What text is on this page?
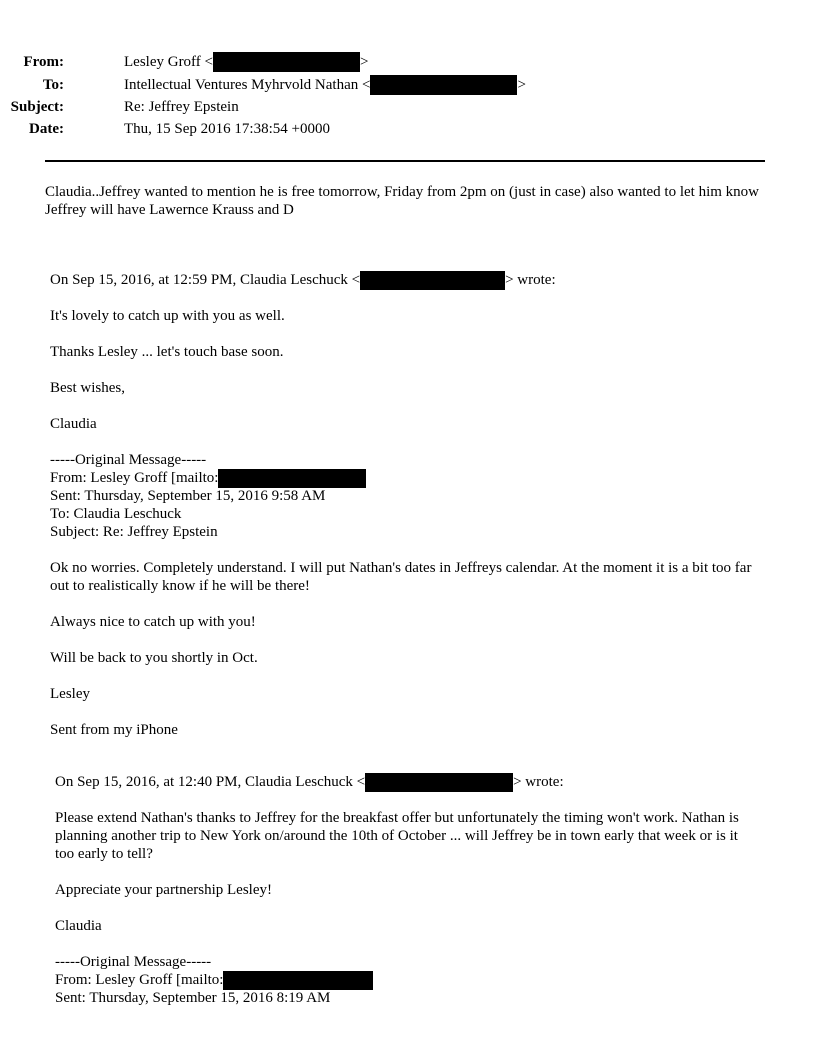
From:	Lesley Groff <	>
To:	Intellectual Ventures Myhrvold Nathan <	>
Subject:	Re: Jeffrey Epstein
Date:	Thu, 15 Sep 2016 17:38:54 +0000
Claudia..Jeffrey wanted to mention he is free tomorrow, Friday from 2pm on (just in case) also wanted to let him know Jeffrey will have Lawernce Krauss and D
On Sep 15, 2016, at 12:59 PM, Claudia Leschuck <	> wrote:
It's lovely to catch up with you as well.
Thanks Lesley ... let's touch base soon.
Best wishes,
Claudia
-----Original Message-----
From: Lesley Groff [mailto:
Sent: Thursday, September 15, 2016 9:58 AM
To: Claudia Leschuck
Subject: Re: Jeffrey Epstein
Ok no worries. Completely understand. I will put Nathan's dates in Jeffreys calendar. At the moment it is a bit too far out to realistically know if he will be there!
Always nice to catch up with you!
Will be back to you shortly in Oct.
Lesley
Sent from my iPhone
On Sep 15, 2016, at 12:40 PM, Claudia Leschuck <	> wrote:
Please extend Nathan's thanks to Jeffrey for the breakfast offer but unfortunately the timing won't work. Nathan is planning another trip to New York on/around the 10th of October ... will Jeffrey be in town early that week or is it too early to tell?
Appreciate your partnership Lesley!
Claudia
-----Original Message-----
From: Lesley Groff [mailto:
Sent: Thursday, September 15, 2016 8:19 AM
